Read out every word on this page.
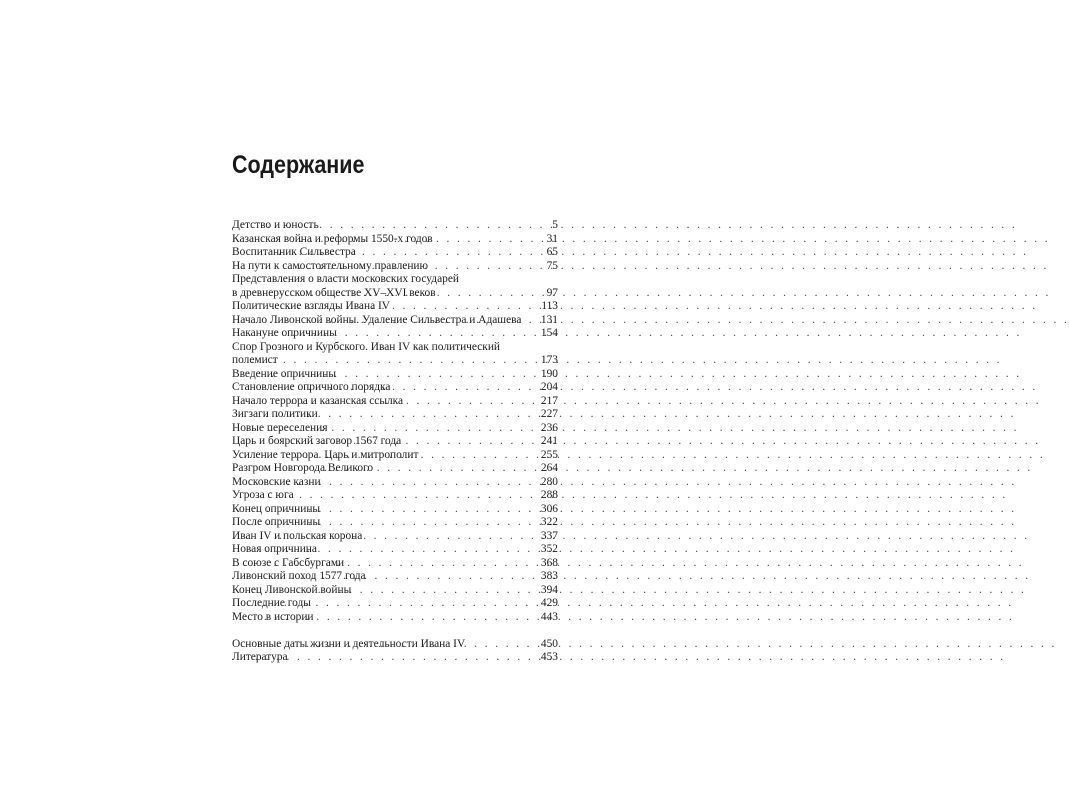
Содержание
Детство и юность . . .	5
Казанская война и реформы 1550-х годов . . .	31
Воспитанник Сильвестра . . .	65
На пути к самостоятельному правлению . . .	75
Представления о власти московских государей
в древнерусском обществе XV–XVI веков . . .	97
Политические взгляды Ивана IV . . .	113
Начало Ливонской войны. Удаление Сильвестра и Адашева . . . 131
Накануне опричнины . . .	154
Спор Грозного и Курбского. Иван IV как политический
полемист . . .	173
Введение опричнины . . .	190
Становление опричного порядка . . .	204
Начало террора и казанская ссылка . . .	217
Зигзаги политики . . .	227
Новые переселения . . .	236
Царь и боярский заговор 1567 года . . .	241
Усиление террора. Царь и митрополит . . .	255
Разгром Новгорода Великого . . .	264
Московские казни . . .	280
Угроза с юга . . .	288
Конец опричнины . . .	306
После опричнины . . .	322
Иван IV и польская корона . . .	337
Новая опричнина . . .	352
В союзе с Габсбургами . . .	368
Ливонский поход 1577 года . . .	383
Конец Ливонской войны . . .	394
Последние годы . . .	429
Место в истории . . .	443
Основные даты жизни и деятельности Ивана IV . . .	450
Литература . . .	453
